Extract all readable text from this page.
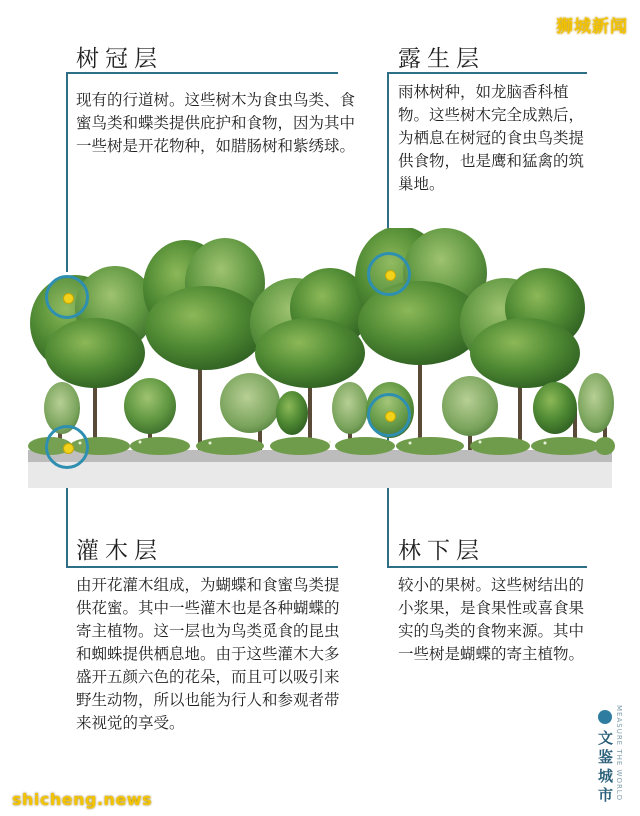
狮城新闻
树冠层
现有的行道树。这些树木为食虫鸟类、食蜜鸟类和蝶类提供庇护和食物，因为其中一些树是开花物种，如腊肠树和紫绣球。
露生层
雨林树种，如龙脑香科植物。这些树木完全成熟后，为栖息在树冠的食虫鸟类提供食物，也是鹰和猛禽的筑巢地。
灌木层
由开花灌木组成，为蝴蝶和食蜜鸟类提供花蜜。其中一些灌木也是各种蝴蝶的寄主植物。这一层也为鸟类觅食的昆虫和蜘蛛提供栖息地。由于这些灌木大多盛开五颜六色的花朵，而且可以吸引来野生动物，所以也能为行人和参观者带来视觉的享受。
林下层
较小的果树。这些树结出的小浆果，是食果性或喜食果实的鸟类的食物来源。其中一些树是蝴蝶的寄主植物。
MEASURE THE WORLD
文鉴城市
shicheng.news
